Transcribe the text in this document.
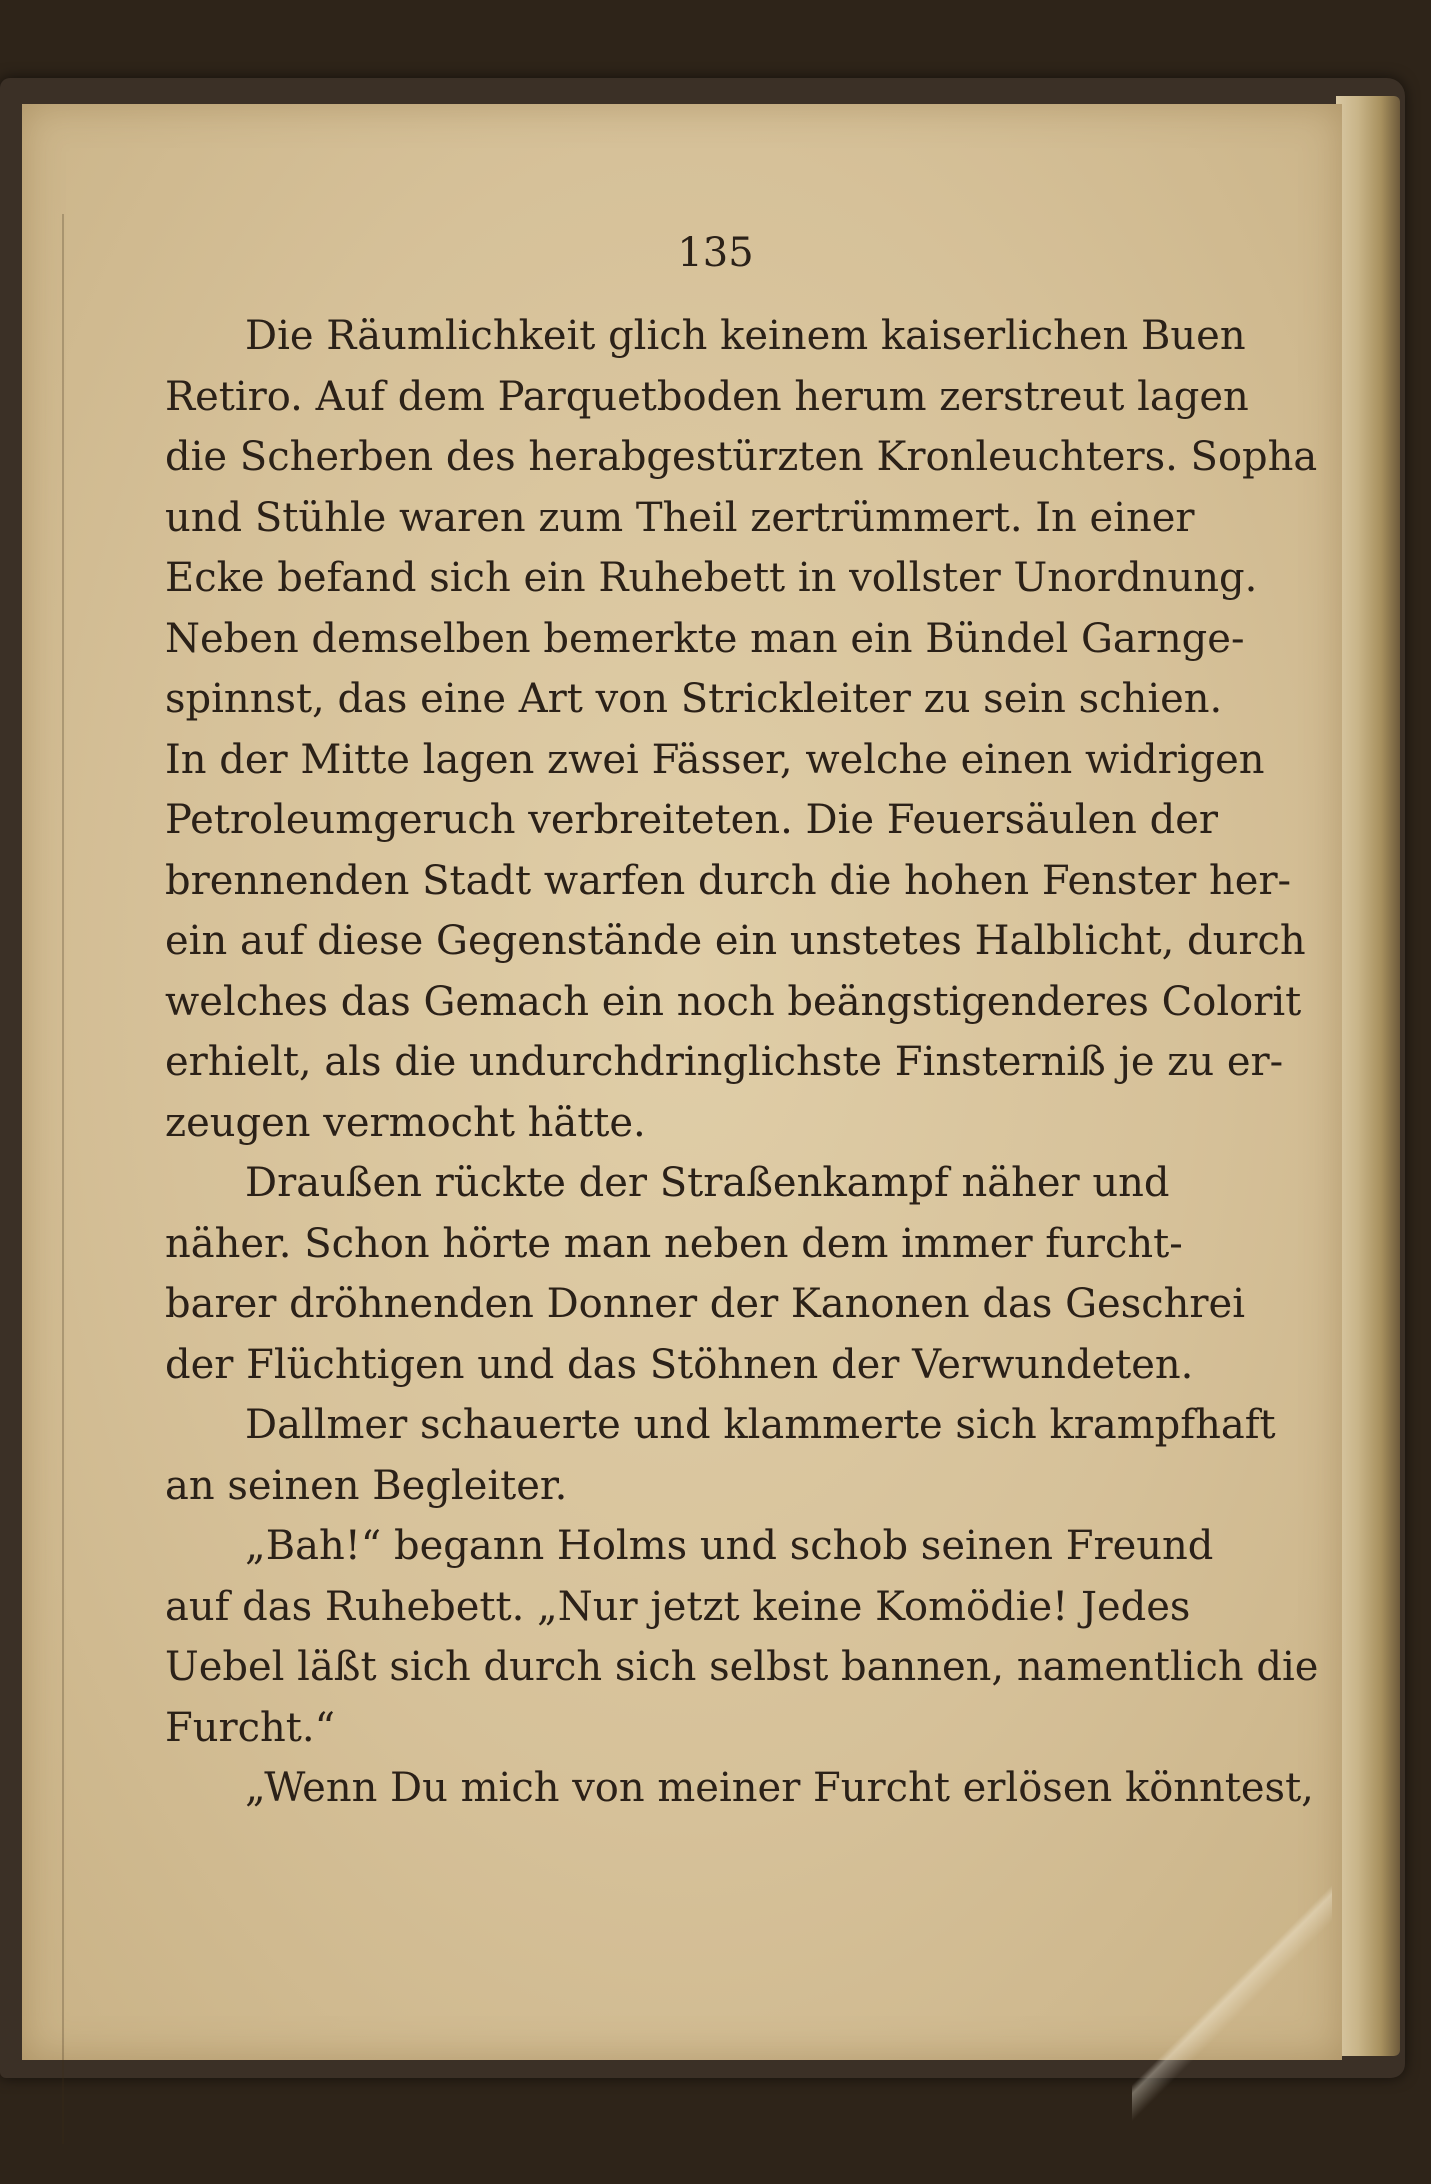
135
Die Räumlichkeit glich keinem kaiserlichen Buen
Retiro. Auf dem Parquetboden herum zerstreut lagen
die Scherben des herabgestürzten Kronleuchters. Sopha
und Stühle waren zum Theil zertrümmert. In einer
Ecke befand sich ein Ruhebett in vollster Unordnung.
Neben demselben bemerkte man ein Bündel Garnge-
spinnst, das eine Art von Strickleiter zu sein schien.
In der Mitte lagen zwei Fässer, welche einen widrigen
Petroleumgeruch verbreiteten. Die Feuersäulen der
brennenden Stadt warfen durch die hohen Fenster her-
ein auf diese Gegenstände ein unstetes Halblicht, durch
welches das Gemach ein noch beängstigenderes Colorit
erhielt, als die undurchdringlichste Finsterniß je zu er-
zeugen vermocht hätte.
Draußen rückte der Straßenkampf näher und
näher. Schon hörte man neben dem immer furcht-
barer dröhnenden Donner der Kanonen das Geschrei
der Flüchtigen und das Stöhnen der Verwundeten.
Dallmer schauerte und klammerte sich krampfhaft
an seinen Begleiter.
„Bah!“ begann Holms und schob seinen Freund
auf das Ruhebett. „Nur jetzt keine Komödie! Jedes
Uebel läßt sich durch sich selbst bannen, namentlich die
Furcht.“
„Wenn Du mich von meiner Furcht erlösen könntest,
